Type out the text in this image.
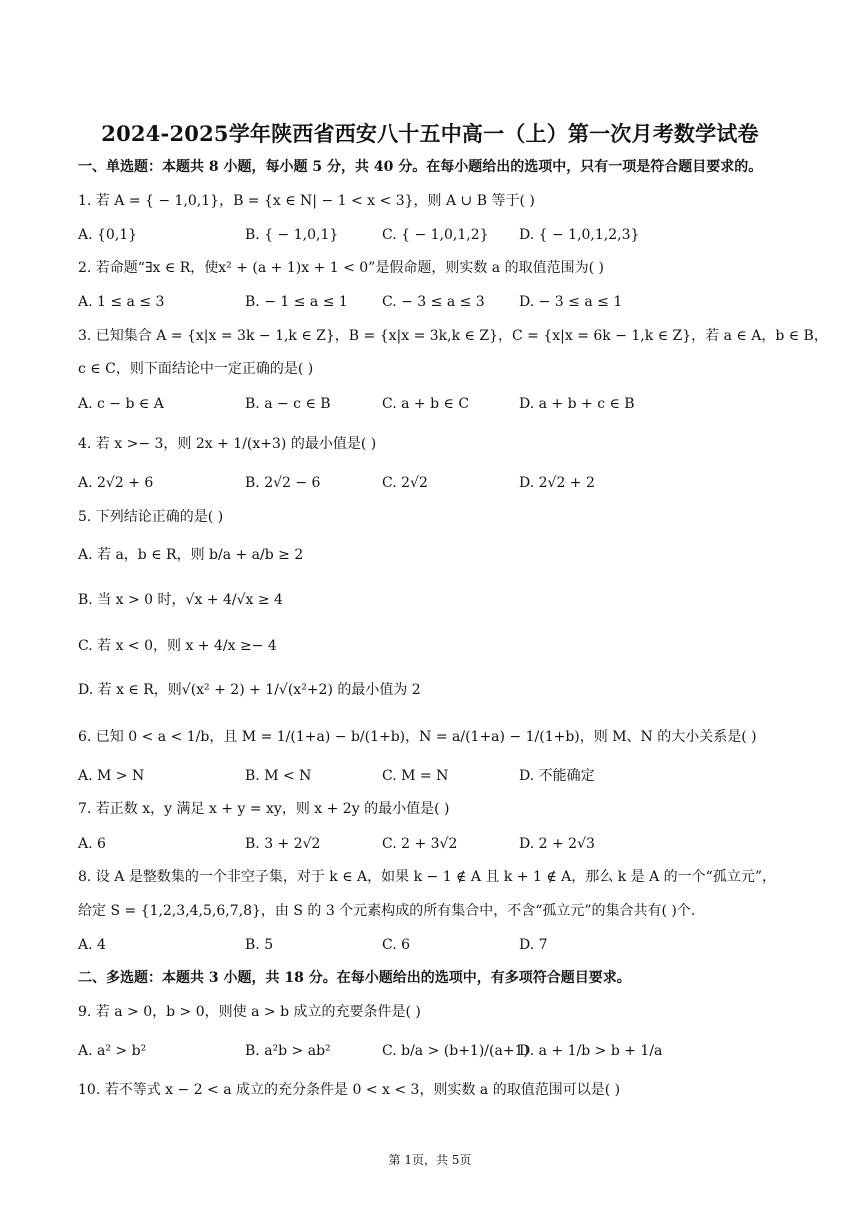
2024-2025学年陕西省西安八十五中高一（上）第一次月考数学试卷
一、单选题：本题共 8 小题，每小题 5 分，共 40 分。在每小题给出的选项中，只有一项是符合题目要求的。
1. 若 A = { − 1,0,1}，B = {x ∈ N| − 1 < x < 3}，则 A ∪ B 等于( )
A. {0,1}	B. { − 1,0,1}	C. { − 1,0,1,2} D. { − 1,0,1,2,3}
2. 若命题“∃x ∈ R，使x² + (a + 1)x + 1 < 0”是假命题，则实数 a 的取值范围为( )
A. 1 ≤ a ≤ 3	B. − 1 ≤ a ≤ 1 C. − 3 ≤ a ≤ 3 D. − 3 ≤ a ≤ 1
3. 已知集合 A = {x|x = 3k − 1,k ∈ Z}，B = {x|x = 3k,k ∈ Z}，C = {x|x = 6k − 1,k ∈ Z}，若 a ∈ A，b ∈ B，
c ∈ C，则下面结论中一定正确的是( )
A. c − b ∈ A	B. a − c ∈ B	C. a + b ∈ C	D. a + b + c ∈ B
4. 若 x >− 3，则 2x + 1/(x+3) 的最小值是( )
A. 2√2 + 6	B. 2√2 − 6	C. 2√2	D. 2√2 + 2
5. 下列结论正确的是( )
A. 若 a，b ∈ R，则 b/a + a/b ≥ 2
B. 当 x > 0 时，√x + 4/√x ≥ 4
C. 若 x < 0，则 x + 4/x ≥− 4
D. 若 x ∈ R，则√(x² + 2) + 1/√(x²+2) 的最小值为 2
6. 已知 0 < a < 1/b，且 M = 1/(1+a) − b/(1+b)，N = a/(1+a) − 1/(1+b)，则 M、N 的大小关系是( )
A. M > N	B. M < N	C. M = N	D. 不能确定
7. 若正数 x，y 满足 x + y = xy，则 x + 2y 的最小值是( )
A. 6	B. 3 + 2√2	C. 2 + 3√2	D. 2 + 2√3
8. 设 A 是整数集的一个非空子集，对于 k ∈ A，如果 k − 1 ∉ A 且 k + 1 ∉ A，那么 k 是 A 的一个“孤立元”，
给定 S = {1,2,3,4,5,6,7,8}，由 S 的 3 个元素构成的所有集合中，不含“孤立元”的集合共有( )个.
A. 4	B. 5	C. 6	D. 7
二、多选题：本题共 3 小题，共 18 分。在每小题给出的选项中，有多项符合题目要求。
9. 若 a > 0，b > 0，则使 a > b 成立的充要条件是( )
A. a² > b²	B. a²b > ab²	C. b/a > (b+1)/(a+1)
D. a + 1/b > b + 1/a
10. 若不等式 x − 2 < a 成立的充分条件是 0 < x < 3，则实数 a 的取值范围可以是( )
第 1页，共 5页
